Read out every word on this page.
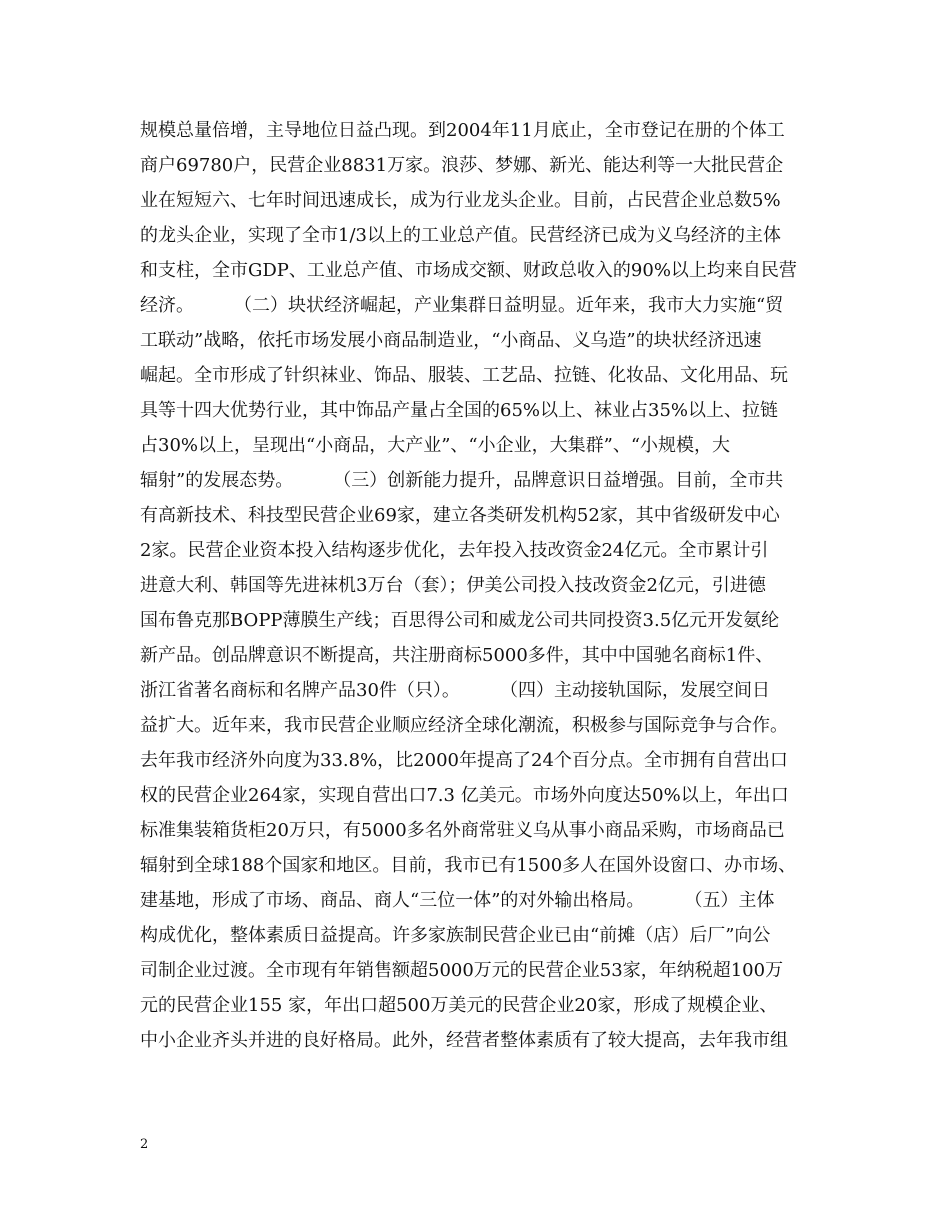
规模总量倍增，主导地位日益凸现。到2004年11月底止，全市登记在册的个体工
商户69780户，民营企业8831万家。浪莎、梦娜、新光、能达利等一大批民营企
业在短短六、七年时间迅速成长，成为行业龙头企业。目前，占民营企业总数5%
的龙头企业，实现了全市1/3以上的工业总产值。民营经济已成为义乌经济的主体
和支柱，全市GDP、工业总产值、市场成交额、财政总收入的90%以上均来自民营
经济。       （二）块状经济崛起，产业集群日益明显。近年来，我市大力实施“贸
工联动”战略，依托市场发展小商品制造业，“小商品、义乌造”的块状经济迅速
崛起。全市形成了针织袜业、饰品、服装、工艺品、拉链、化妆品、文化用品、玩
具等十四大优势行业，其中饰品产量占全国的65%以上、袜业占35%以上、拉链
占30%以上，呈现出“小商品，大产业”、“小企业，大集群”、“小规模，大
辐射”的发展态势。       （三）创新能力提升，品牌意识日益增强。目前，全市共
有高新技术、科技型民营企业69家，建立各类研发机构52家，其中省级研发中心
2家。民营企业资本投入结构逐步优化，去年投入技改资金24亿元。全市累计引
进意大利、韩国等先进袜机3万台（套）；伊美公司投入技改资金2亿元，引进德
国布鲁克那BOPP薄膜生产线；百思得公司和威龙公司共同投资3.5亿元开发氨纶
新产品。创品牌意识不断提高，共注册商标5000多件，其中中国驰名商标1件、
浙江省著名商标和名牌产品30件（只）。       （四）主动接轨国际，发展空间日
益扩大。近年来，我市民营企业顺应经济全球化潮流，积极参与国际竞争与合作。
去年我市经济外向度为33.8%，比2000年提高了24个百分点。全市拥有自营出口
权的民营企业264家，实现自营出口7.3 亿美元。市场外向度达50%以上，年出口
标准集装箱货柜20万只，有5000多名外商常驻义乌从事小商品采购，市场商品已
辐射到全球188个国家和地区。目前，我市已有1500多人在国外设窗口、办市场、
建基地，形成了市场、商品、商人“三位一体”的对外输出格局。       （五）主体
构成优化，整体素质日益提高。许多家族制民营企业已由“前摊（店）后厂”向公
司制企业过渡。全市现有年销售额超5000万元的民营企业53家，年纳税超100万
元的民营企业155 家，年出口超500万美元的民营企业20家，形成了规模企业、
中小企业齐头并进的良好格局。此外，经营者整体素质有了较大提高，去年我市组
2
